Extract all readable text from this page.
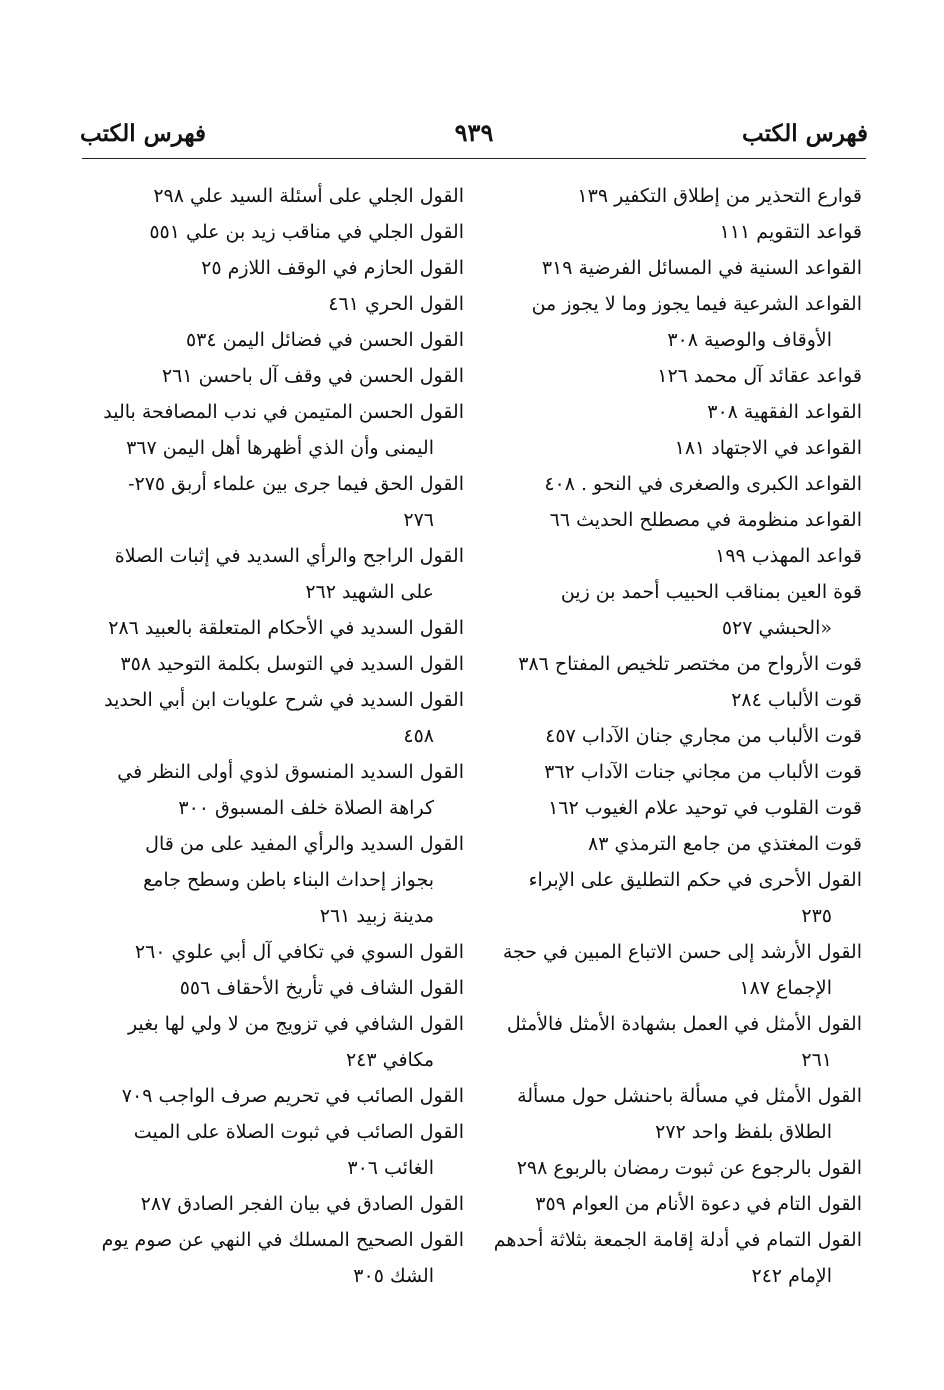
فهرس الكتب
٩٣٩
فهرس الكتب

قوارع التحذير من إطلاق التكفير ١٣٩

قواعد التقويم ١١١

القواعد السنية في المسائل الفرضية ٣١٩

القواعد الشرعية فيما يجوز وما لا يجوز من الأوقاف والوصية ٣٠٨

قواعد عقائد آل محمد ١٢٦

القواعد الفقهية ٣٠٨

القواعد في الاجتهاد ١٨١

القواعد الكبرى والصغرى في النحو . ٤٠٨

القواعد منظومة في مصطلح الحديث ٦٦

قواعد المهذب ١٩٩

قوة العين بمناقب الحبيب أحمد بن زين «الحبشي ٥٢٧

قوت الأرواح من مختصر تلخيص المفتاح ٣٨٦

قوت الألباب ٢٨٤

قوت الألباب من مجاري جنان الآداب ٤٥٧

قوت الألباب من مجاني جنات الآداب ٣٦٢

قوت القلوب في توحيد علام الغيوب ١٦٢

قوت المغتذي من جامع الترمذي ٨٣

القول الأحرى في حكم التطليق على الإبراء ٢٣٥

القول الأرشد إلى حسن الاتباع المبين في حجة الإجماع ١٨٧

القول الأمثل في العمل بشهادة الأمثل فالأمثل ٢٦١

القول الأمثل في مسألة باحنشل حول مسألة الطلاق بلفظ واحد ٢٧٢

القول بالرجوع عن ثبوت رمضان بالربوع ٢٩٨

القول التام في دعوة الأنام من العوام ٣٥٩

القول التمام في أدلة إقامة الجمعة بثلاثة أحدهم الإمام ٢٤٢

القول الجلي على أسئلة السيد علي ٢٩٨

القول الجلي في مناقب زيد بن علي ٥٥١

القول الحازم في الوقف اللازم ٢٥

القول الحري ٤٦١

القول الحسن في فضائل اليمن ٥٣٤

القول الحسن في وقف آل باحسن ٢٦١

القول الحسن المتيمن في ندب المصافحة باليد اليمنى وأن الذي أظهرها أهل اليمن ٣٦٧

القول الحق فيما جرى بين علماء أربق ٢٧٥- ٢٧٦

القول الراجح والرأي السديد في إثبات الصلاة على الشهيد ٢٦٢

القول السديد في الأحكام المتعلقة بالعبيد ٢٨٦

القول السديد في التوسل بكلمة التوحيد ٣٥٨

القول السديد في شرح علويات ابن أبي الحديد ٤٥٨

القول السديد المنسوق لذوي أولى النظر في كراهة الصلاة خلف المسبوق ٣٠٠

القول السديد والرأي المفيد على من قال بجواز إحداث البناء باطن وسطح جامع مدينة زبيد ٢٦١

القول السوي في تكافي آل أبي علوي ٢٦٠

القول الشاف في تأريخ الأحقاف ٥٥٦

القول الشافي في تزويج من لا ولي لها بغير مكافي ٢٤٣

القول الصائب في تحريم صرف الواجب ٧٠٩

القول الصائب في ثبوت الصلاة على الميت الغائب ٣٠٦

القول الصادق في بيان الفجر الصادق ٢٨٧

القول الصحيح المسلك في النهي عن صوم يوم الشك ٣٠٥
